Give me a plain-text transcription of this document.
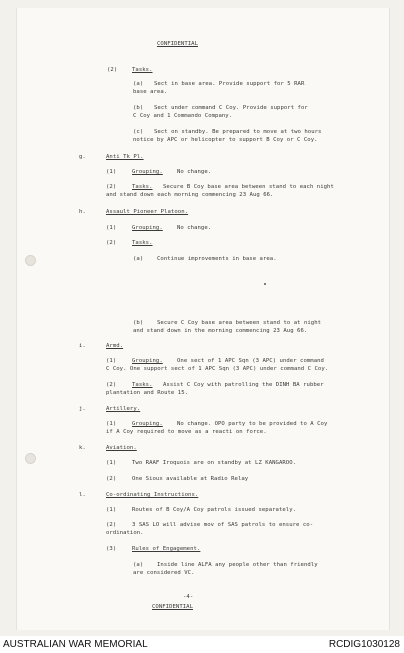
CONFIDENTIAL
(2)	Tasks.
(a) Sect in base area. Provide support for 5 RAR
base area.
(b) Sect under command C Coy. Provide support for
C Coy and 1 Commando Company.
(c) Sect on standby. Be prepared to move at two hours
notice by APC or helicopter to support B Coy or C Coy.
g.	Anti Tk Pl.
(1)	Grouping.	No change.
(2)	Tasks. Secure B Coy base area between stand to each night
and stand down each morning commencing 23 Aug 66.
h.	Assault Pioneer Platoon.
(1)	Grouping.	No change.
(2)	Tasks.
(a) Continue improvements in base area.
(b) Secure C Coy base area between stand to at night
and stand down in the morning commencing 23 Aug 66.
i.	Armd.
(1)	Grouping.	One sect of 1 APC Sqn (3 APC) under command
C Coy. One support sect of 1 APC Sqn (3 APC) under command C Coy.
(2)	Tasks. Assist C Coy with patrolling the DINH BA rubber
plantation and Route 15.
j.	Artillery.
(1)	Grouping.	No change. OPO party to be provided to A Coy
if A Coy required to move as a reacti on force.
k.	Aviation.
(1)	Two RAAF Iroquois are on standby at LZ KANGAROO.
(2)	One Sioux available at Radio Relay
l.	Co-ordinating Instructions.
(1)	Routes of B Coy/A Coy patrols issued separately.
(2)	3 SAS LO will advise mov of SAS patrols to ensure co-
ordination.
(3)	Rules of Engagement.
(a) Inside line ALFA any people other than friendly
are considered VC.
-4-
CONFIDENTIAL
AUSTRALIAN WAR MEMORIAL	RCDIG1030128
